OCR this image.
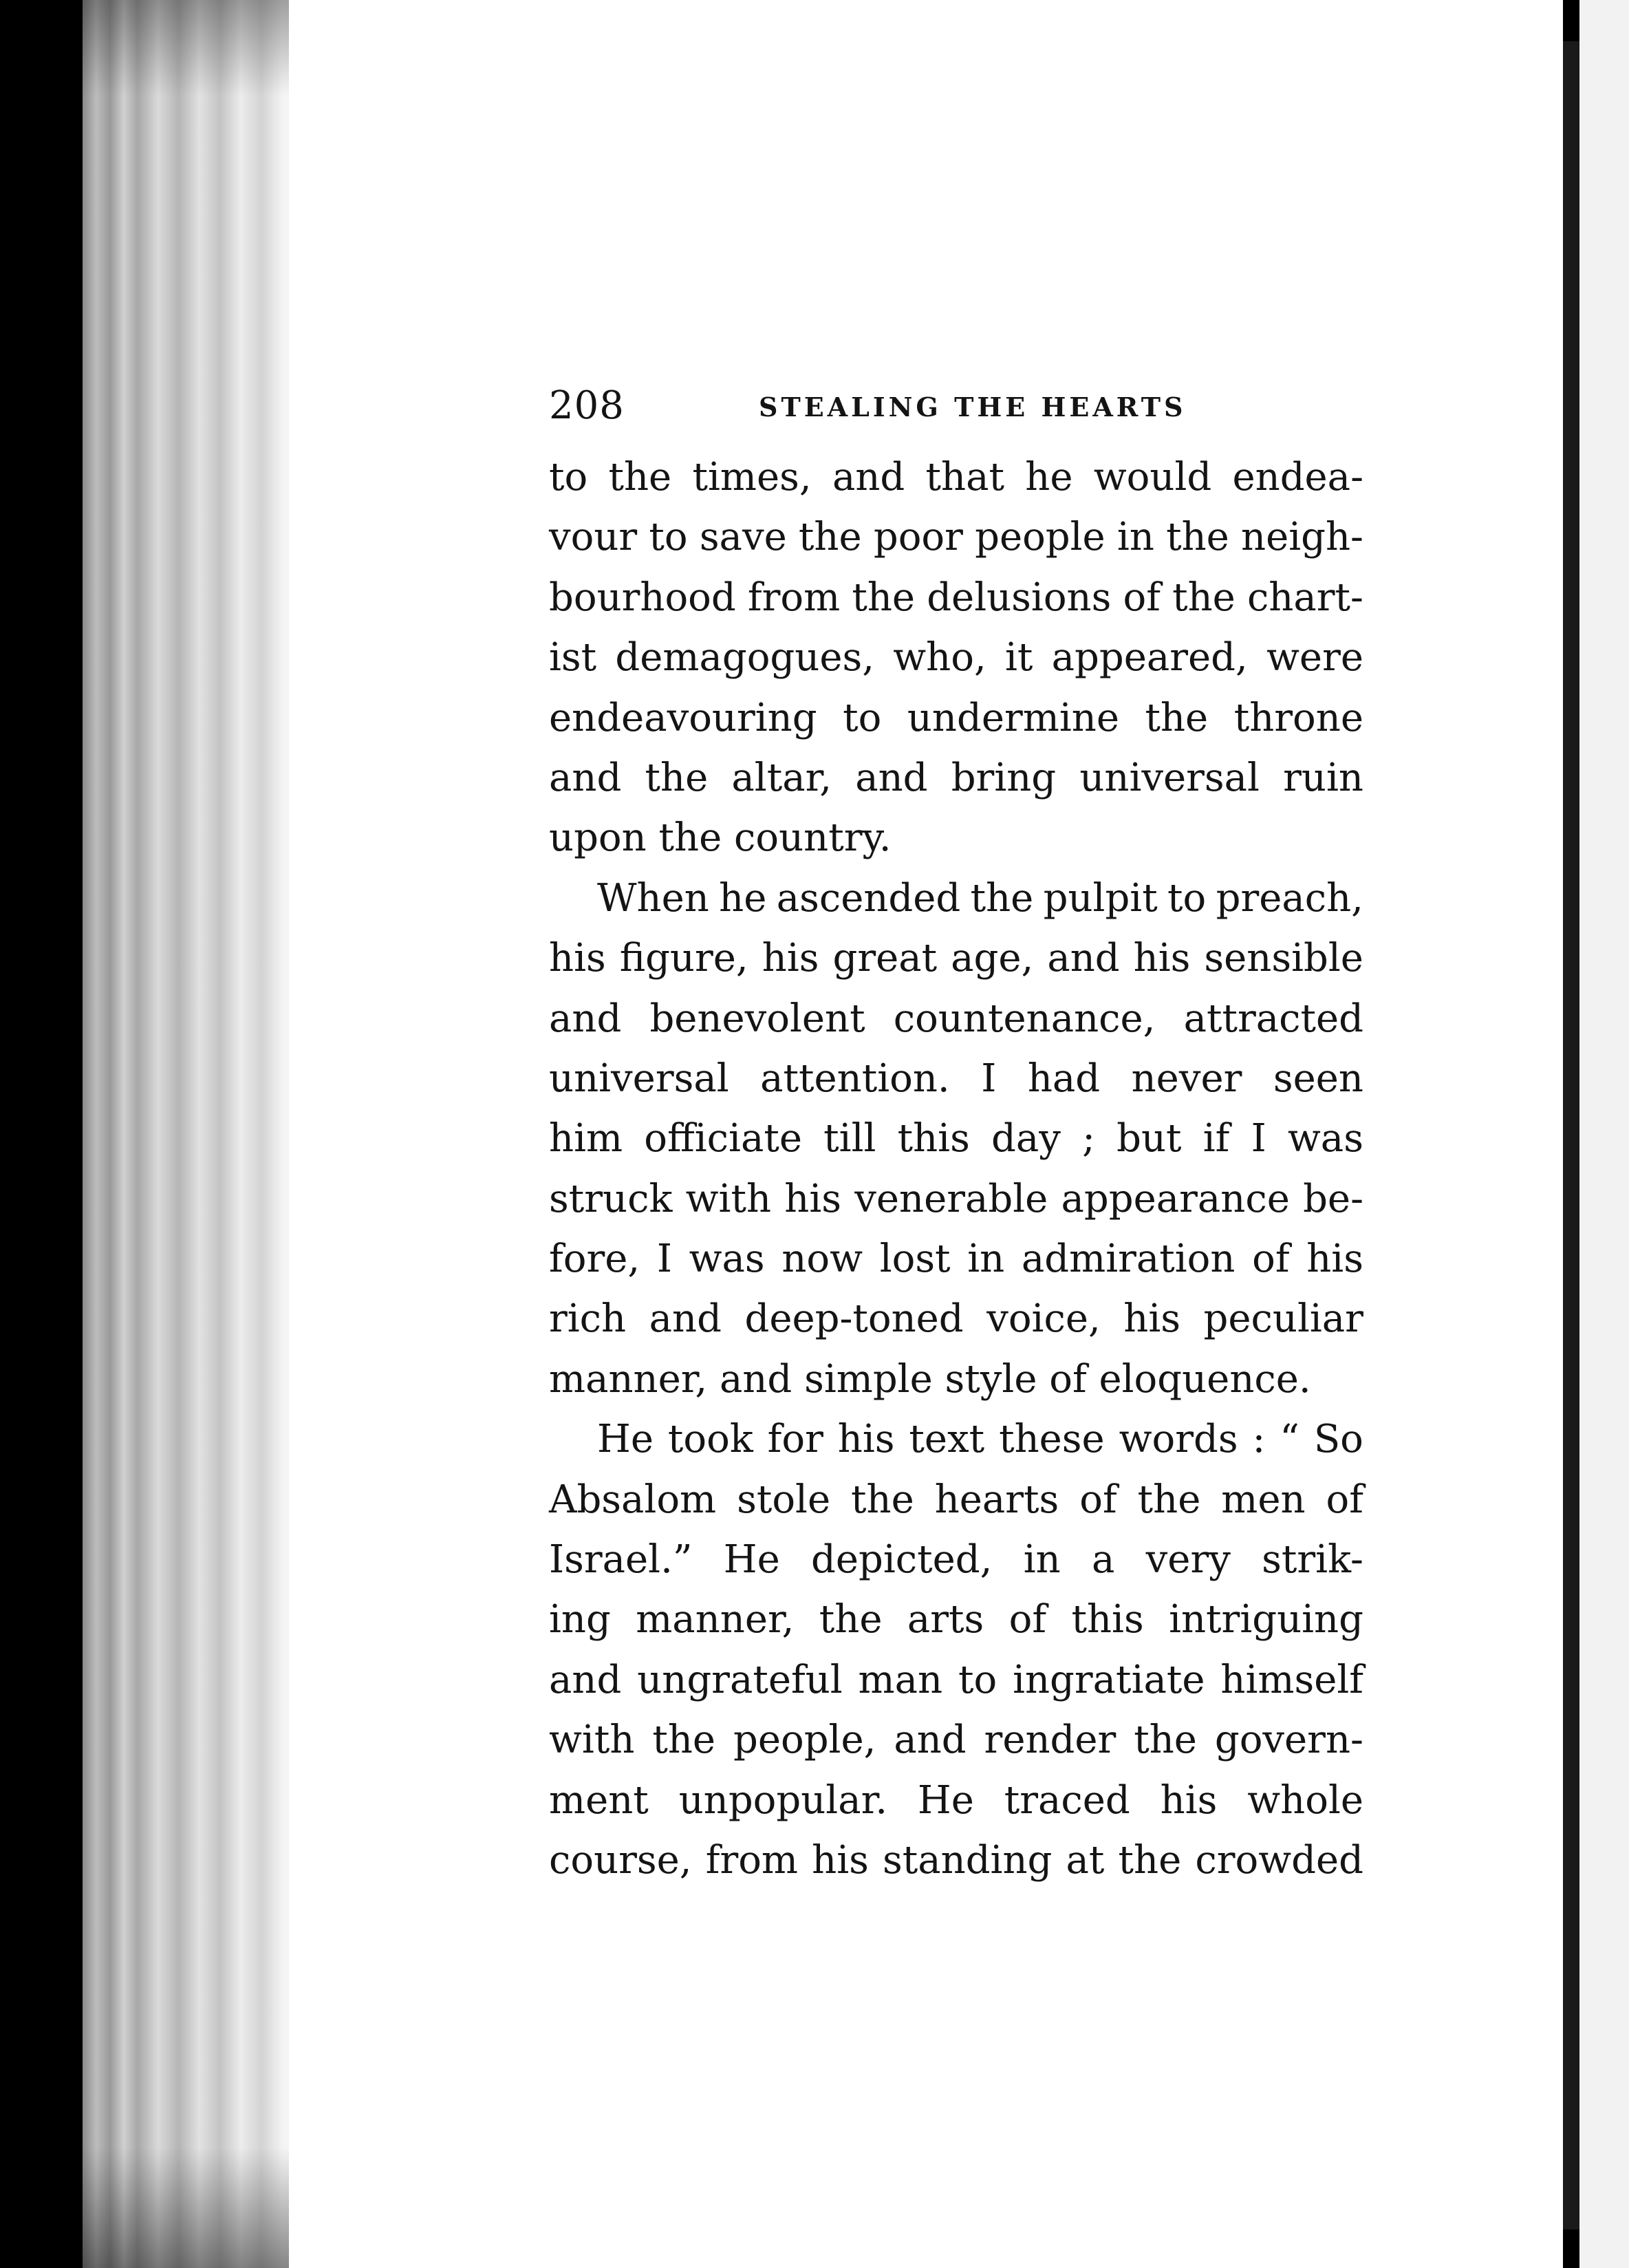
208	STEALING THE HEARTS
to the times, and that he would endea-
vour to save the poor people in the neigh-
bourhood from the delusions of the chart-
ist demagogues, who, it appeared, were
endeavouring to undermine the throne
and the altar, and bring universal ruin
upon the country.
When he ascended the pulpit to preach,
his figure, his great age, and his sensible
and benevolent countenance, attracted
universal attention. I had never seen
him officiate till this day ; but if I was
struck with his venerable appearance be-
fore, I was now lost in admiration of his
rich and deep-toned voice, his peculiar
manner, and simple style of eloquence.
He took for his text these words : “ So
Absalom stole the hearts of the men of
Israel.” He depicted, in a very strik-
ing manner, the arts of this intriguing
and ungrateful man to ingratiate himself
with the people, and render the govern-
ment unpopular. He traced his whole
course, from his standing at the crowded
